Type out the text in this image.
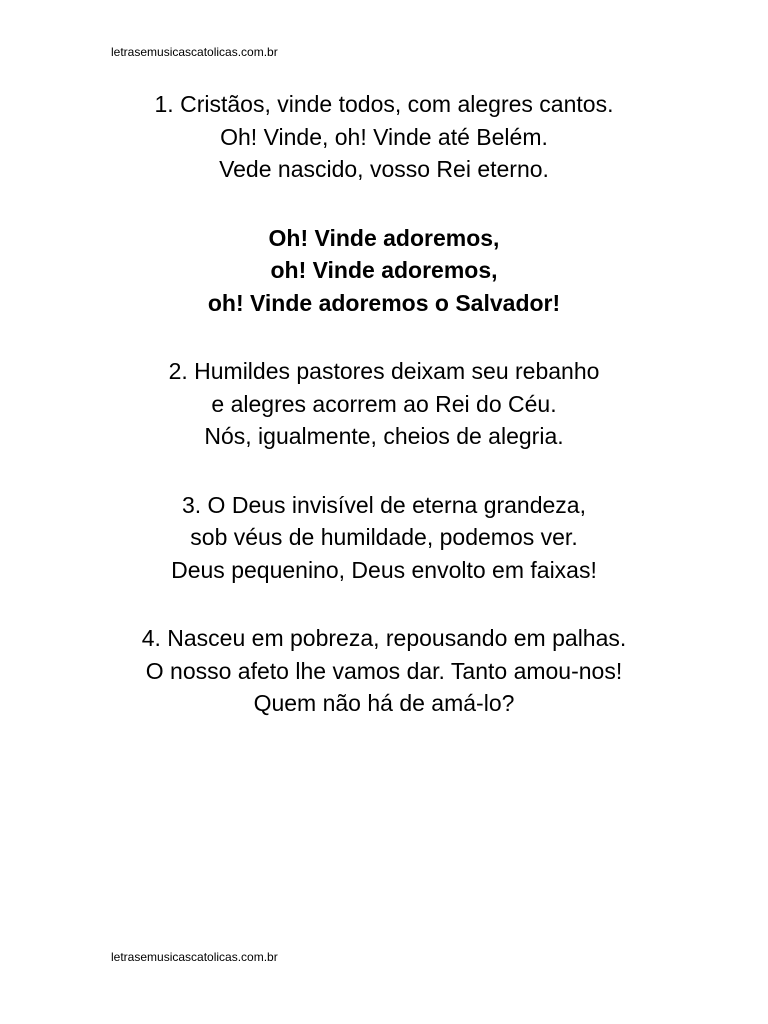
letrasemusicascatolicas.com.br
1. Cristãos, vinde todos, com alegres cantos.
Oh! Vinde, oh! Vinde até Belém.
Vede nascido, vosso Rei eterno.
Oh! Vinde adoremos,
oh! Vinde adoremos,
oh! Vinde adoremos o Salvador!
2. Humildes pastores deixam seu rebanho
e alegres acorrem ao Rei do Céu.
Nós, igualmente, cheios de alegria.
3. O Deus invisível de eterna grandeza,
sob véus de humildade, podemos ver.
Deus pequenino, Deus envolto em faixas!
4. Nasceu em pobreza, repousando em palhas.
O nosso afeto lhe vamos dar. Tanto amou-nos!
Quem não há de amá-lo?
letrasemusicascatolicas.com.br
